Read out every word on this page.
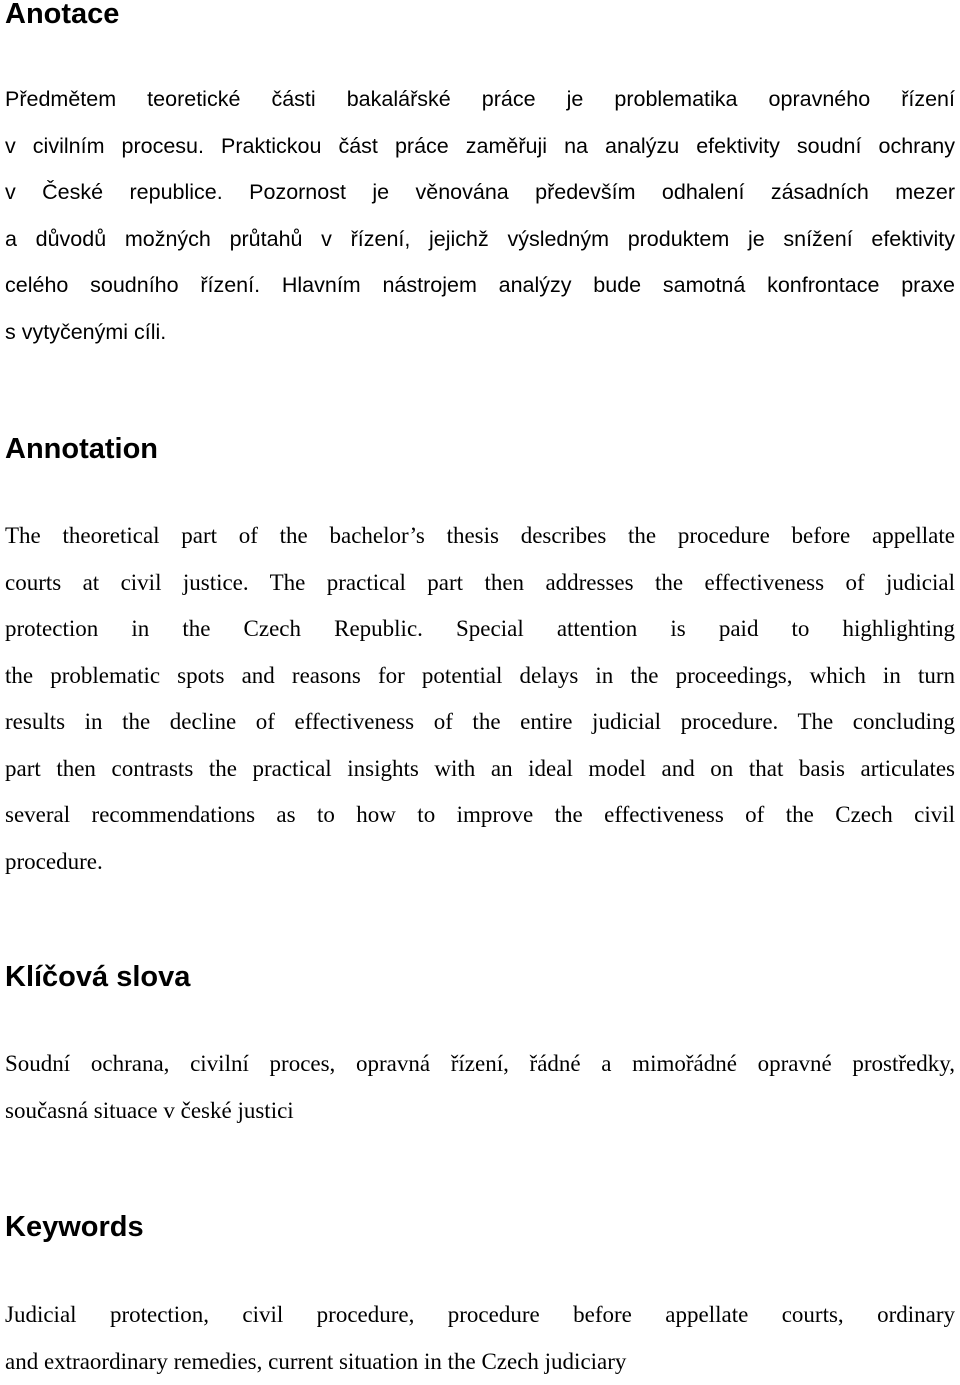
Anotace
Předmětem teoretické části bakalářské práce je problematika opravného řízení
v civilním procesu. Praktickou část práce zaměřuji na analýzu efektivity soudní ochrany
v České republice. Pozornost je věnována především odhalení zásadních mezer
a důvodů možných průtahů v řízení, jejichž výsledným produktem je snížení efektivity
celého soudního řízení. Hlavním nástrojem analýzy bude samotná konfrontace praxe
s vytyčenými cíli.
Annotation
The theoretical part of the bachelor’s thesis describes the procedure before appellate
courts at civil justice. The practical part then addresses the effectiveness of judicial
protection in the Czech Republic. Special attention is paid to highlighting
the problematic spots and reasons for potential delays in the proceedings, which in turn
results in the decline of effectiveness of the entire judicial procedure. The concluding
part then contrasts the practical insights with an ideal model and on that basis articulates
several recommendations as to how to improve the effectiveness of the Czech civil
procedure.
Klíčová slova
Soudní ochrana, civilní proces, opravná řízení, řádné a mimořádné opravné prostředky,
současná situace v české justici
Keywords
Judicial protection, civil procedure, procedure before appellate courts, ordinary
and extraordinary remedies, current situation in the Czech judiciary
